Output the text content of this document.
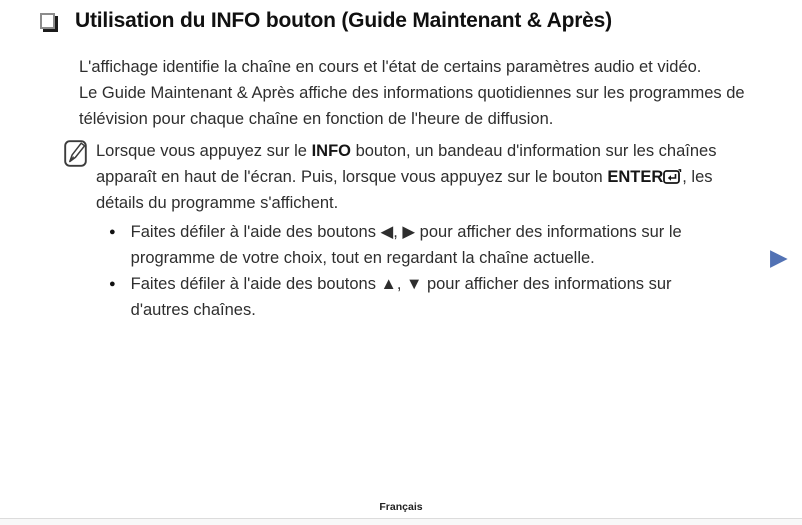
Utilisation du INFO bouton (Guide Maintenant & Après)

L'affichage identifie la chaîne en cours et l'état de certains paramètres audio et vidéo.

Le Guide Maintenant & Après affiche des informations quotidiennes sur les programmes de télévision pour chaque chaîne en fonction de l'heure de diffusion.

Lorsque vous appuyez sur le INFO bouton, un bandeau d'information sur les chaînes apparaît en haut de l'écran. Puis, lorsque vous appuyez sur le bouton ENTER , les détails du programme s'affichent.
● Faites défiler à l'aide des boutons ◀, ▶ pour afficher des informations sur le programme de votre choix, tout en regardant la chaîne actuelle.
● Faites défiler à l'aide des boutons ▲, ▼ pour afficher des informations sur d'autres chaînes.
▶
Français
